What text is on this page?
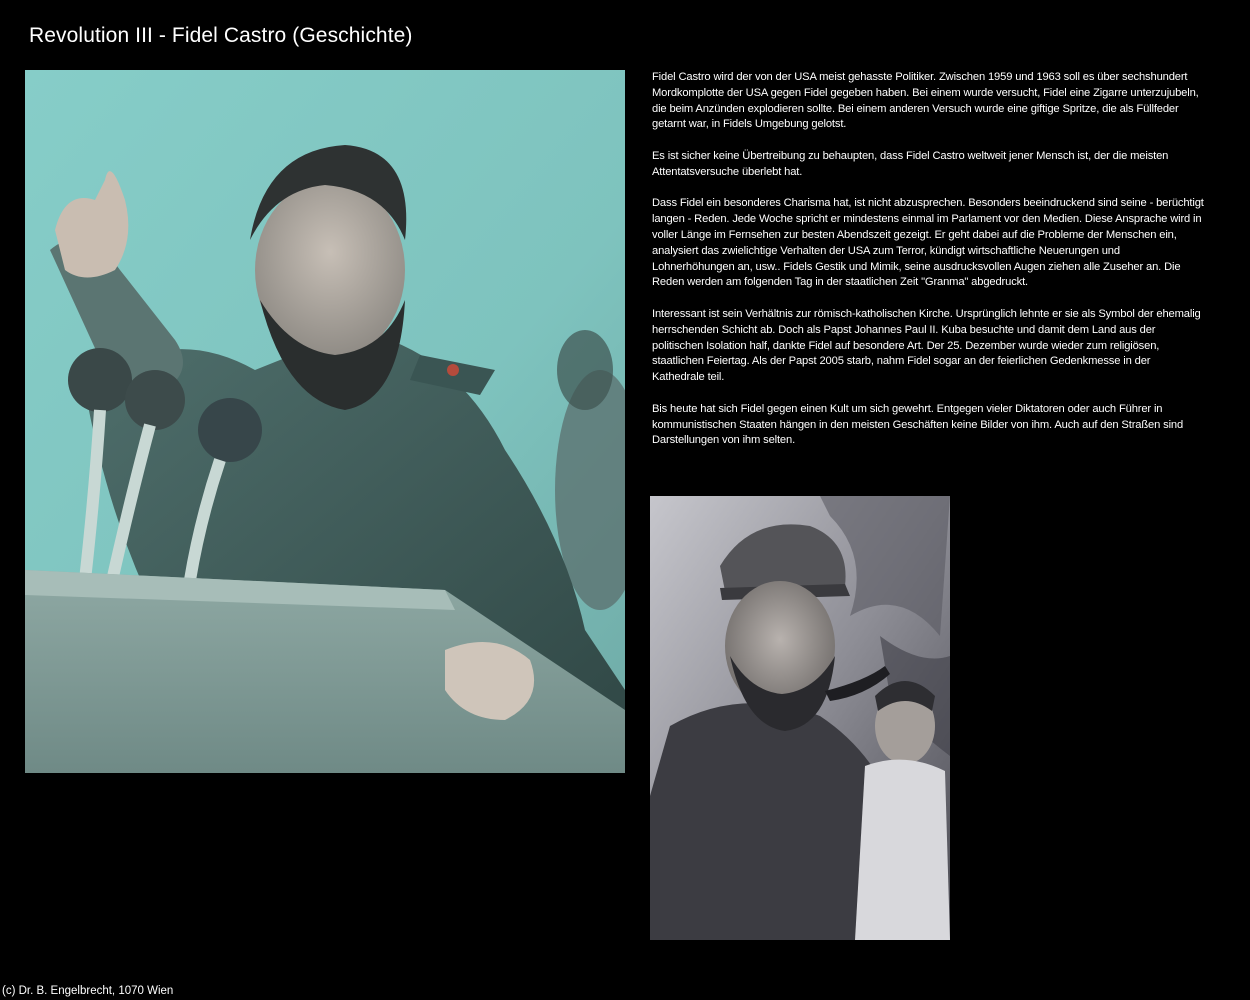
Revolution III - Fidel Castro (Geschichte)

Fidel Castro wird der von der USA meist gehasste Politiker. Zwischen 1959 und 1963 soll es über sechshundert Mordkomplotte der USA gegen Fidel gegeben haben. Bei einem wurde versucht, Fidel eine Zigarre unterzujubeln, die beim Anzünden explodieren sollte. Bei einem anderen Versuch wurde eine giftige Spritze, die als Füllfeder getarnt war, in Fidels Umgebung gelotst.

Es ist sicher keine Übertreibung zu behaupten, dass Fidel Castro weltweit jener Mensch ist, der die meisten Attentatsversuche überlebt hat.

Dass Fidel ein besonderes Charisma hat, ist nicht abzusprechen. Besonders beeindruckend sind seine - berüchtigt langen - Reden. Jede Woche spricht er mindestens einmal im Parlament vor den Medien. Diese Ansprache wird in voller Länge im Fernsehen zur besten Abendszeit gezeigt. Er geht dabei auf die Probleme der Menschen ein, analysiert das zwielichtige Verhalten der USA zum Terror, kündigt wirtschaftliche Neuerungen und Lohnerhöhungen an, usw.. Fidels Gestik und Mimik, seine ausdrucksvollen Augen ziehen alle Zuseher an. Die Reden werden am folgenden Tag in der staatlichen Zeit "Granma" abgedruckt.

Interessant ist sein Verhältnis zur römisch-katholischen Kirche. Ursprünglich lehnte er sie als Symbol der ehemalig herrschenden Schicht ab. Doch als Papst Johannes Paul II. Kuba besuchte und damit dem Land aus der politischen Isolation half, dankte Fidel auf besondere Art. Der 25. Dezember wurde wieder zum religiösen, staatlichen Feiertag. Als der Papst 2005 starb, nahm Fidel sogar an der feierlichen Gedenkmesse in der Kathedrale teil.

Bis heute hat sich Fidel gegen einen Kult um sich gewehrt. Entgegen vieler Diktatoren oder auch Führer in kommunistischen Staaten hängen in den meisten Geschäften keine Bilder von ihm. Auch auf den Straßen sind Darstellungen von ihm selten.

(c) Dr. B. Engelbrecht, 1070 Wien
